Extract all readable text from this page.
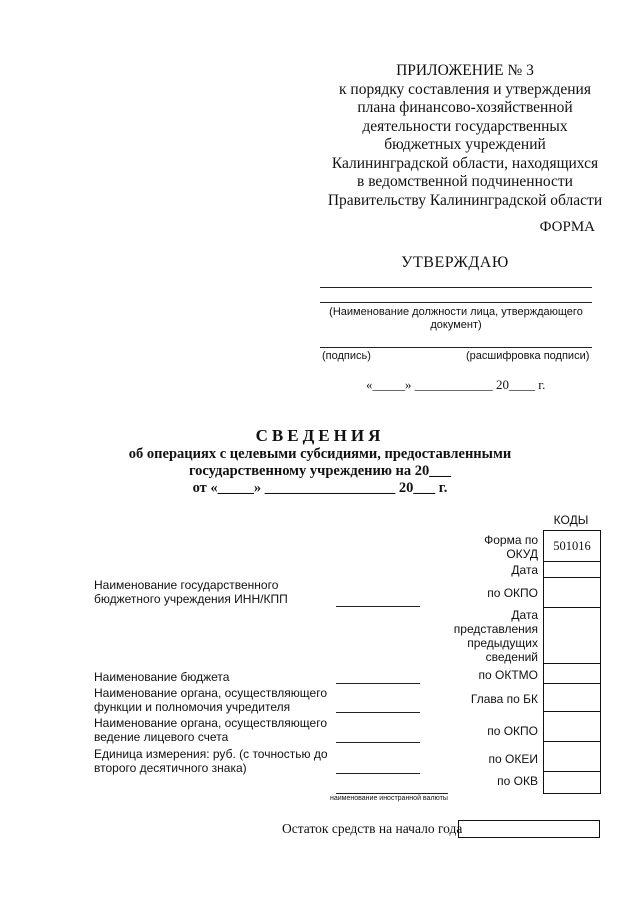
ПРИЛОЖЕНИЕ № 3
к порядку составления и утверждения
плана финансово-хозяйственной
деятельности государственных
бюджетных учреждений
Калининградской области, находящихся
в ведомственной подчиненности
Правительству Калининградской области
ФОРМА
УТВЕРЖДАЮ
(Наименование должности лица, утверждающего документ)
(подпись)	(расшифровка подписи)
«_____» ____________ 20____ г.
СВЕДЕНИЯ
об операциях с целевыми субсидиями, предоставленными
государственному учреждению на 20___
от «_____» __________________ 20___ г.
Наименование государственного
бюджетного учреждения ИНН/КПП
Наименование бюджета
Наименование органа, осуществляющего
функции и полномочия учредителя
Наименование органа, осуществляющего
ведение лицевого счета
Единица измерения: руб. (с точностью до
второго десятичного знака)
наименование иностранной валюты
Форма по
ОКУД
Дата
по ОКПО
Дата
представления
предыдущих
сведений
по ОКТМО
Глава по БК
по ОКПО
по ОКЕИ
по ОКВ
КОДЫ
501016
Остаток средств на начало года
